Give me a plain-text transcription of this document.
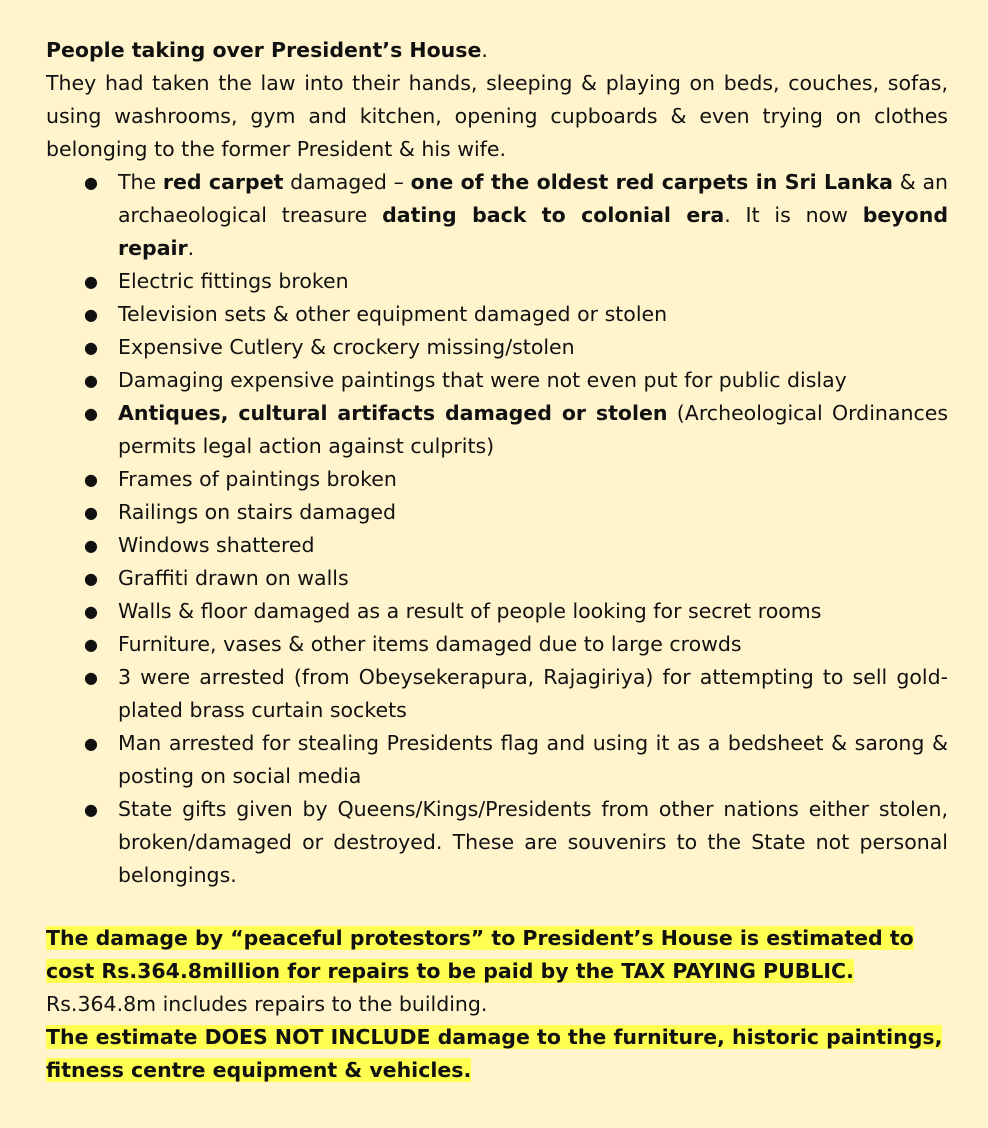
People taking over President’s House.

They had taken the law into their hands, sleeping & playing on beds, couches, sofas, using washrooms, gym and kitchen, opening cupboards & even trying on clothes belonging to the former President & his wife.

● The red carpet damaged – one of the oldest red carpets in Sri Lanka & an archaeological treasure dating back to colonial era. It is now beyond repair.
● Electric fittings broken
● Television sets & other equipment damaged or stolen
● Expensive Cutlery & crockery missing/stolen
● Damaging expensive paintings that were not even put for public dislay
● Antiques, cultural artifacts damaged or stolen (Archeological Ordinances permits legal action against culprits)
● Frames of paintings broken
● Railings on stairs damaged
● Windows shattered
● Graffiti drawn on walls
● Walls & floor damaged as a result of people looking for secret rooms
● Furniture, vases & other items damaged due to large crowds
● 3 were arrested (from Obeysekerapura, Rajagiriya) for attempting to sell gold-plated brass curtain sockets
● Man arrested for stealing Presidents flag and using it as a bedsheet & sarong & posting on social media
● State gifts given by Queens/Kings/Presidents from other nations either stolen, broken/damaged or destroyed. These are souvenirs to the State not personal belongings.
The damage by “peaceful protestors” to President’s House is estimated to cost Rs.364.8million for repairs to be paid by the TAX PAYING PUBLIC.
Rs.364.8m includes repairs to the building.
The estimate DOES NOT INCLUDE damage to the furniture, historic paintings, fitness centre equipment & vehicles.
